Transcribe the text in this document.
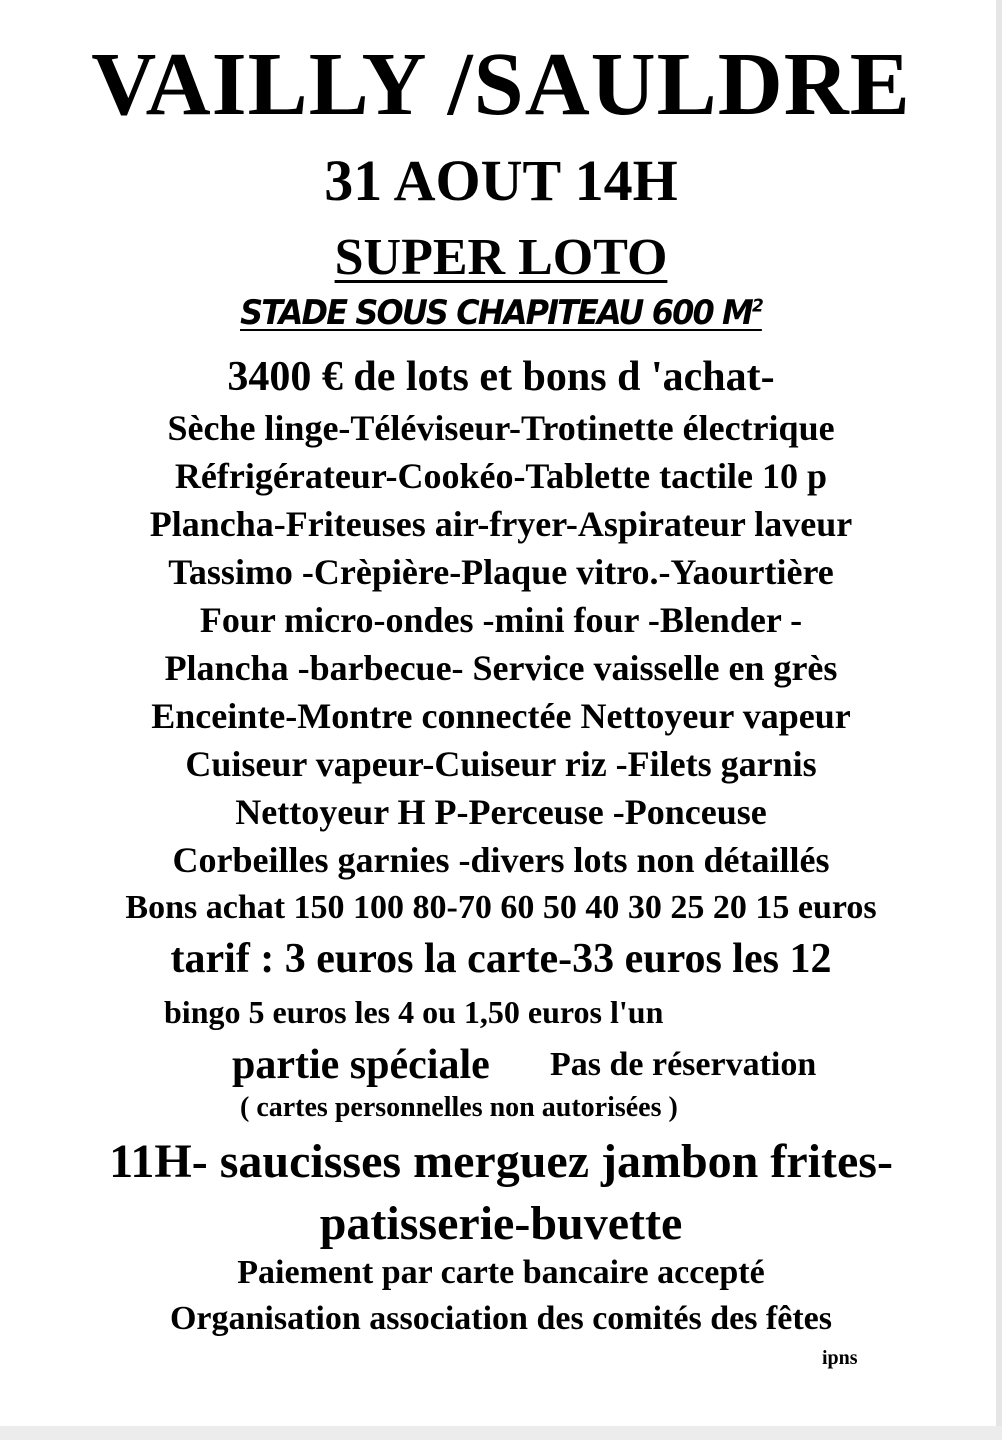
VAILLY /SAULDRE
31 AOUT 14H
SUPER LOTO
STADE SOUS CHAPITEAU 600 $M^2$
3400 € de lots et bons d 'achat-
Sèche linge-Téléviseur-Trotinette électrique
Réfrigérateur-Cookéo-Tablette tactile 10 p
Plancha-Friteuses air-fryer-Aspirateur laveur
Tassimo -Crèpière-Plaque vitro.-Yaourtière
Four micro-ondes -mini four -Blender -
Plancha -barbecue- Service vaisselle en grès
Enceinte-Montre connectée Nettoyeur vapeur
Cuiseur vapeur-Cuiseur riz -Filets garnis
Nettoyeur H P-Perceuse -Ponceuse
Corbeilles garnies -divers lots non détaillés
Bons achat 150 100 80-70 60 50 40 30 25 20 15 euros
tarif : 3 euros la carte-33 euros les 12
bingo 5 euros les 4 ou 1,50 euros l'un
partie spéciale Pas de réservation
( cartes personnelles non autorisées )
11H- saucisses merguez jambon frites-
patisserie-buvette
Paiement par carte bancaire accepté
Organisation association des comités des fêtes
ipns
